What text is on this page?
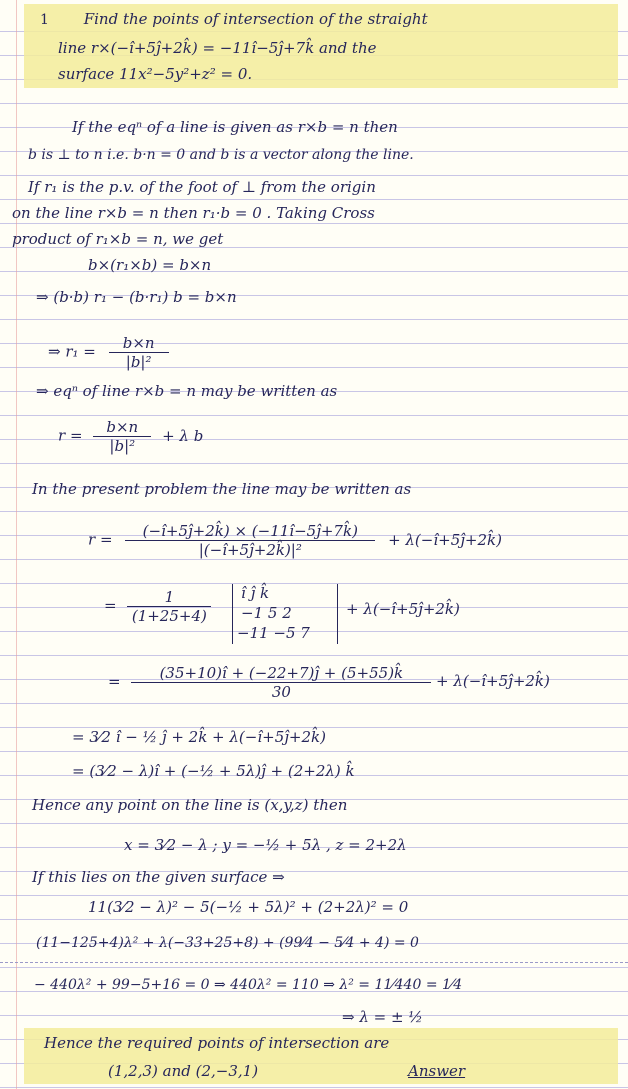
1 Find the points of intersection of the straight
line r×(−î+5ĵ+2k̂) = −11î−5ĵ+7k̂ and the
surface 11x²−5y²+z² = 0.
If the eqⁿ of a line is given as r×b = n then
b is ⊥ to n i.e. b·n = 0 and b is a vector along the line.
If r₁ is the p.v. of the foot of ⊥ from the origin
on the line r×b = n then r₁·b = 0 . Taking Cross
product of r₁×b = n, we get
b×(r₁×b) = b×n
⇒ (b·b) r₁ − (b·r₁) b = b×n
⇒ $r_1 = \frac{b\times n}{\text{|b|²}}$
⇒ eqⁿ of line r×b = n may be written as
$r = \frac{b\times n}{\text{|b|²}} + \lambda$ b
In the present problem the line may be written as
$r = \frac{(-î+5ĵ+2k̂) \times (-11î-5ĵ+7k̂)}{\text{|(−î+5ĵ+2k̂)|²}}$ + λ(−î+5ĵ+2k̂)
= $\frac{1}{(1+25+4)}$ î ĵ k̂
−1 5 2
−11 −5 7
+ λ(−î+5ĵ+2k̂)
= $\frac{(35+10)î + (-22+7)ĵ + (5+55)k̂}{30}$ + λ(−î+5ĵ+2k̂)
= 3⁄2 î − ½ ĵ + 2k̂ + λ(−î+5ĵ+2k̂)
= (3⁄2 − λ)î + (−½ + 5λ)ĵ + (2+2λ) k̂
Hence any point on the line is (x,y,z) then
x = 3⁄2 − λ ; y = −½ + 5λ , z = 2+2λ
If this lies on the given surface ⇒
11(3⁄2 − λ)² − 5(−½ + 5λ)² + (2+2λ)² = 0
(11−125+4)λ² + λ(−33+25+8) + (99⁄4 − 5⁄4 + 4) = 0
− 440λ² + 99−5+16 = 0 ⇒ 440λ² = 110 ⇒ λ² = 11⁄440 = 1⁄4
⇒ λ = ± ½
Hence the required points of intersection are
(1,2,3) and (2,−3,1)	Answer
